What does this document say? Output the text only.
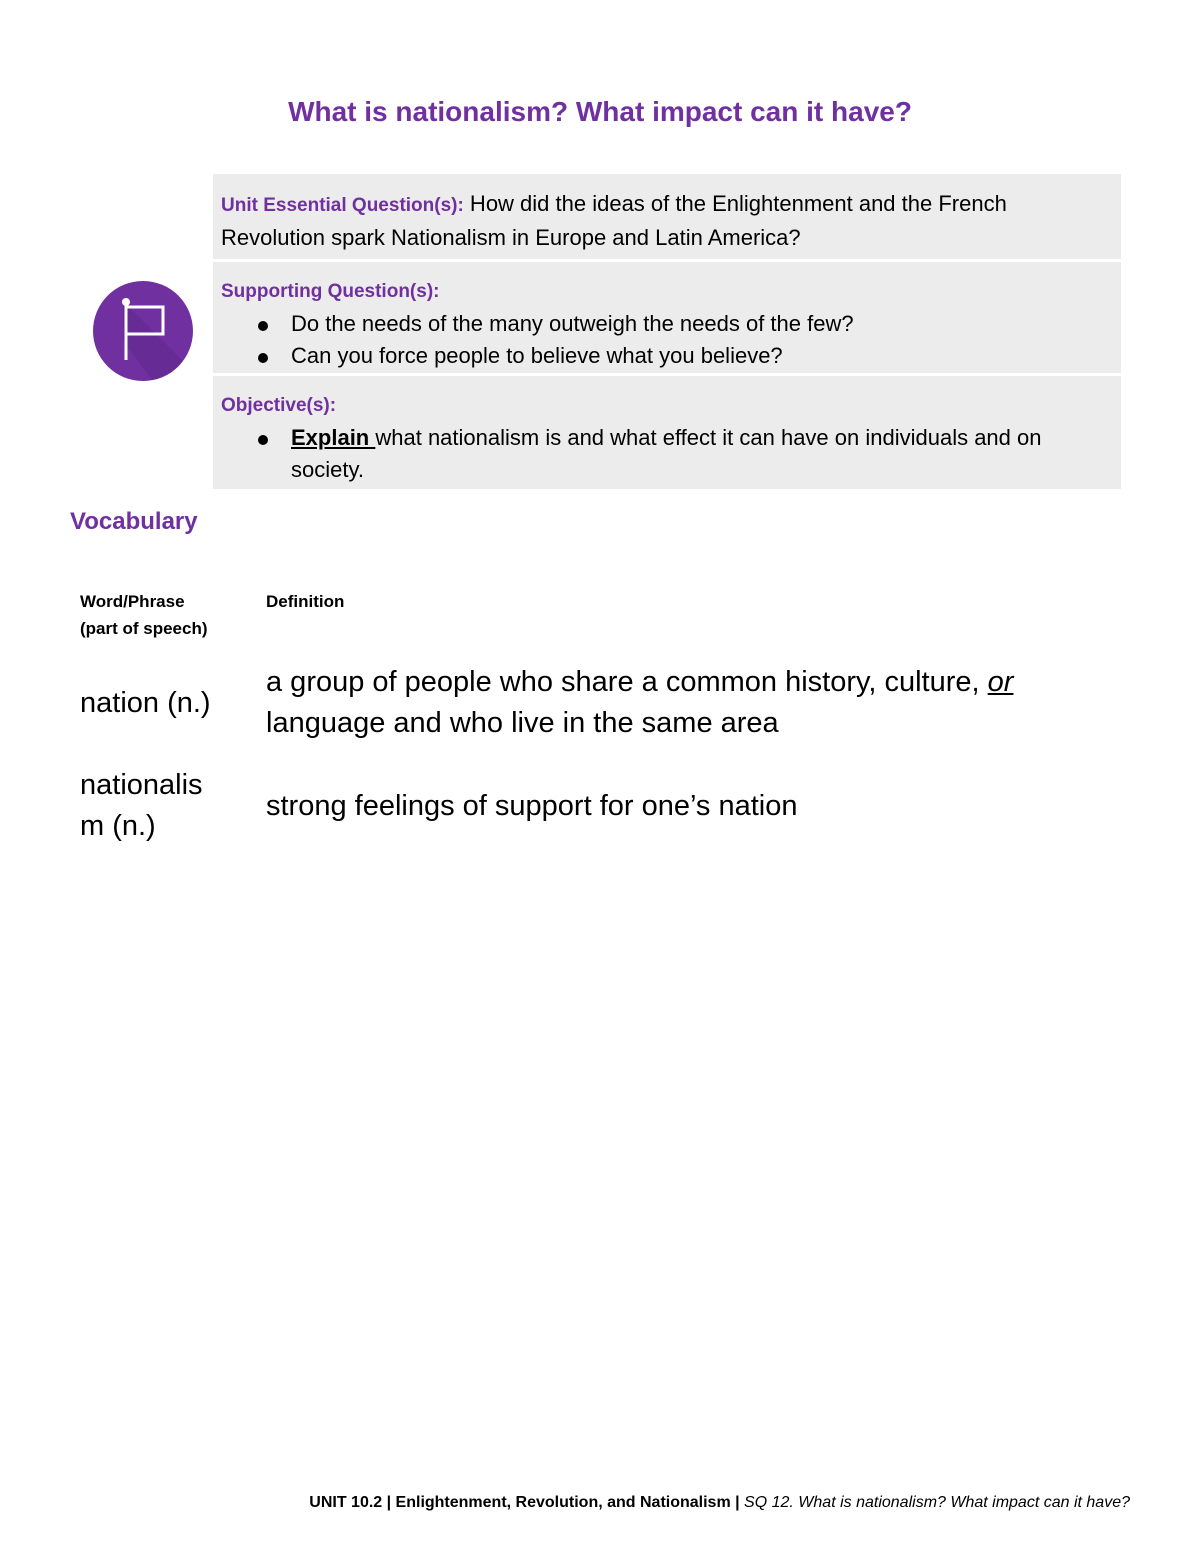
What is nationalism? What impact can it have?
Unit Essential Question(s): How did the ideas of the Enlightenment and the French Revolution spark Nationalism in Europe and Latin America?
Supporting Question(s):
Do the needs of the many outweigh the needs of the few?
Can you force people to believe what you believe?
Objective(s):
Explain what nationalism is and what effect it can have on individuals and on society.
Vocabulary
Word/Phrase
(part of speech)
Definition
nation (n.)
a group of people who share a common history, culture, or language and who live in the same area
nationalis
m (n.)
strong feelings of support for one’s nation
UNIT 10.2 | Enlightenment, Revolution, and Nationalism | SQ 12. What is nationalism? What impact can it have?
